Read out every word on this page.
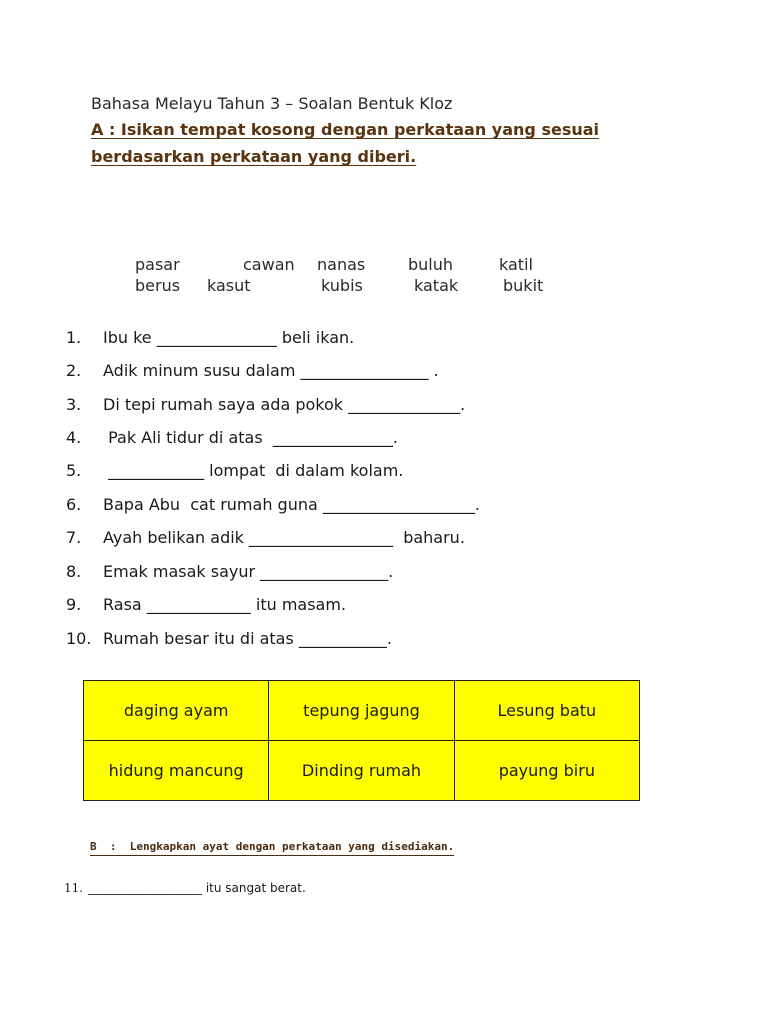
Bahasa Melayu Tahun 3 – Soalan Bentuk Kloz
A : Isikan tempat kosong dengan perkataan yang sesuai
berdasarkan perkataan yang diberi.
pasar	cawan nanas	buluh	katil
berus kasut	kubis	katak	bukit
1. Ibu ke _______________ beli ikan.
2. Adik minum susu dalam ________________ .
3. Di tepi rumah saya ada pokok ______________.
4. Pak Ali tidur di atas  _______________.
5. ____________ lompat  di dalam kolam.
6. Bapa Abu  cat rumah guna ___________________.
7. Ayah belikan adik __________________  baharu.
8. Emak masak sayur ________________.
9. Rasa _____________ itu masam.
10. Rumah besar itu di atas ___________.
daging ayam	tepung jagung	Lesung batu
hidung mancung	Dinding rumah	payung biru
B  :  Lengkapkan ayat dengan perkataan yang disediakan.
11. ___________________ itu sangat berat.
